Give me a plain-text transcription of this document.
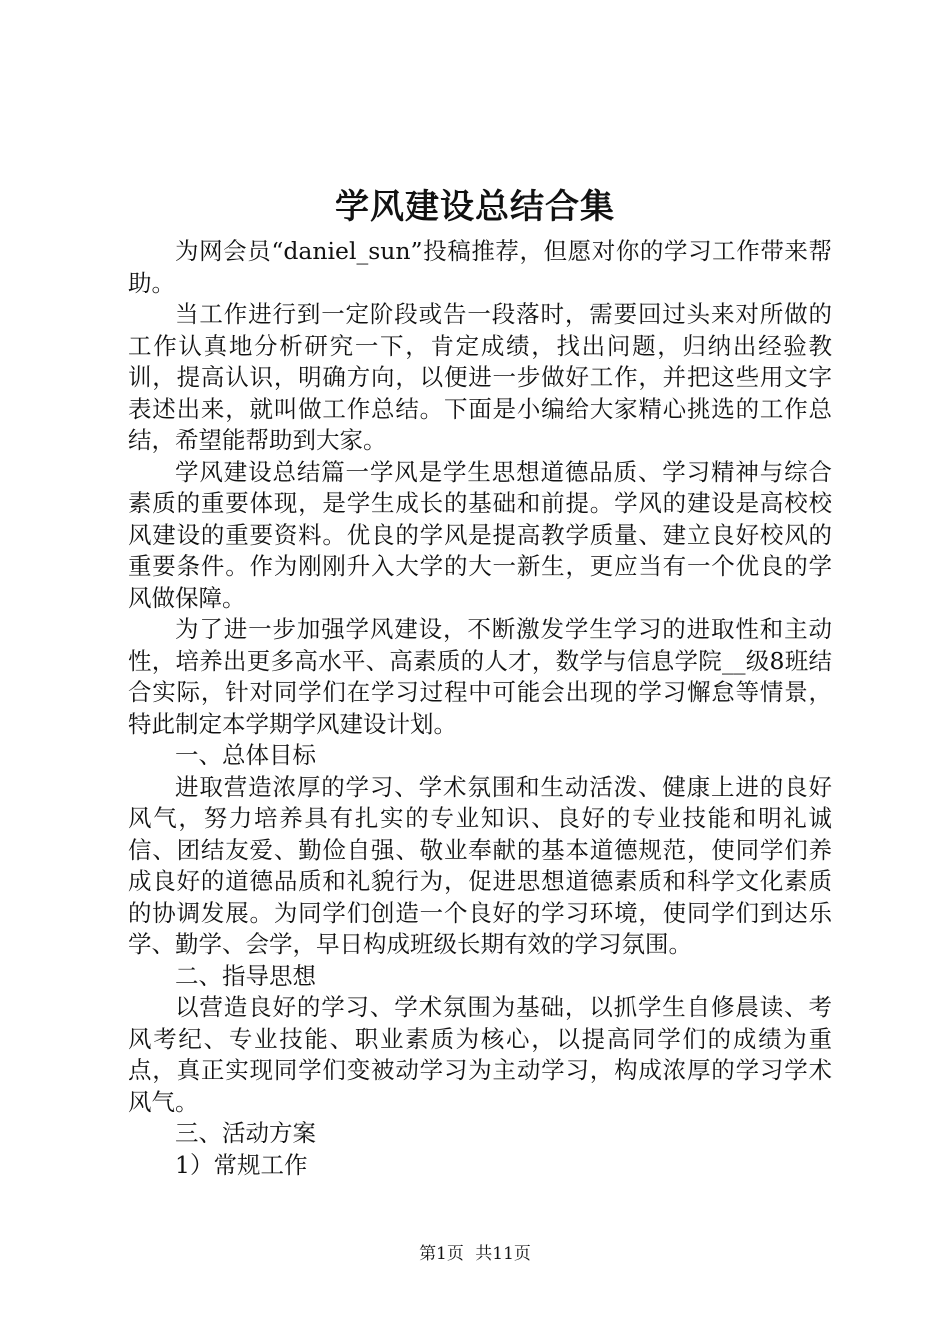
学风建设总结合集

为网会员“daniel_sun”投稿推荐，但愿对你的学习工作带来帮助。

当工作进行到一定阶段或告一段落时，需要回过头来对所做的工作认真地分析研究一下，肯定成绩，找出问题，归纳出经验教训，提高认识，明确方向，以便进一步做好工作，并把这些用文字表述出来，就叫做工作总结。下面是小编给大家精心挑选的工作总结，希望能帮助到大家。

学风建设总结篇一学风是学生思想道德品质、学习精神与综合素质的重要体现，是学生成长的基础和前提。学风的建设是高校校风建设的重要资料。优良的学风是提高教学质量、建立良好校风的重要条件。作为刚刚升入大学的大一新生，更应当有一个优良的学风做保障。

为了进一步加强学风建设，不断激发学生学习的进取性和主动性，培养出更多高水平、高素质的人才，数学与信息学院__级8班结合实际，针对同学们在学习过程中可能会出现的学习懈怠等情景，特此制定本学期学风建设计划。

一、总体目标

进取营造浓厚的学习、学术氛围和生动活泼、健康上进的良好风气，努力培养具有扎实的专业知识、良好的专业技能和明礼诚信、团结友爱、勤俭自强、敬业奉献的基本道德规范，使同学们养成良好的道德品质和礼貌行为，促进思想道德素质和科学文化素质的协调发展。为同学们创造一个良好的学习环境，使同学们到达乐学、勤学、会学，早日构成班级长期有效的学习氛围。

二、指导思想

以营造良好的学习、学术氛围为基础，以抓学生自修晨读、考风考纪、专业技能、职业素质为核心，以提高同学们的成绩为重点，真正实现同学们变被动学习为主动学习，构成浓厚的学习学术风气。

三、活动方案

1）常规工作

第1页 共11页
